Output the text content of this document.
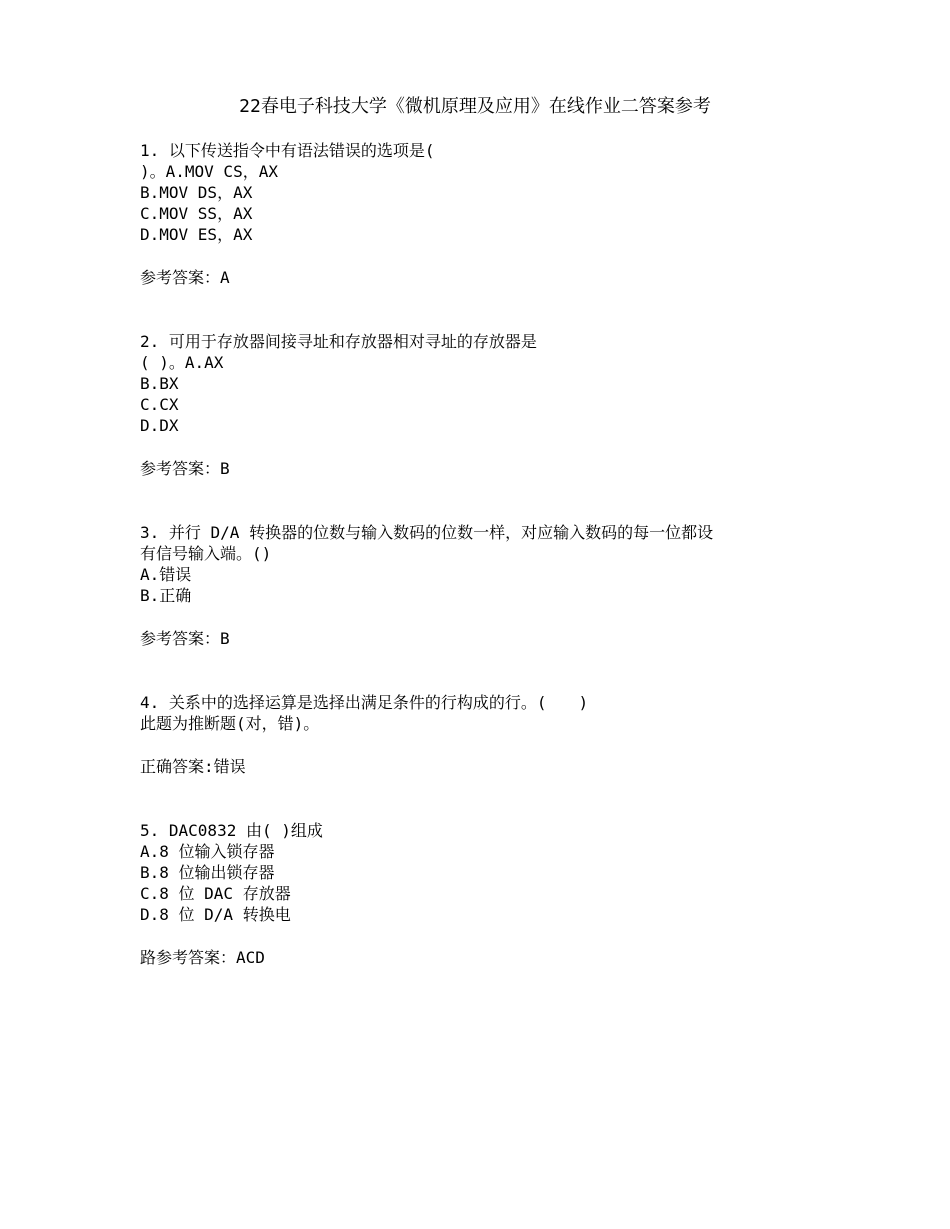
22春电子科技大学《微机原理及应用》在线作业二答案参考
1. 以下传送指令中有语法错误的选项是(
)。A.MOV CS，AX
B.MOV DS，AX
C.MOV SS，AX
D.MOV ES，AX
参考答案：A
2. 可用于存放器间接寻址和存放器相对寻址的存放器是
( )。A.AX
B.BX
C.CX
D.DX
参考答案：B
3. 并行 D/A 转换器的位数与输入数码的位数一样，对应输入数码的每一位都设
有信号输入端。()
A.错误
B.正确
参考答案：B
4. 关系中的选择运算是选择出满足条件的行构成的行。(　　)
此题为推断题(对，错)。
正确答案:错误
5. DAC0832 由( )组成
A.8 位输入锁存器
B.8 位输出锁存器
C.8 位 DAC 存放器
D.8 位 D/A 转换电
路参考答案：ACD
